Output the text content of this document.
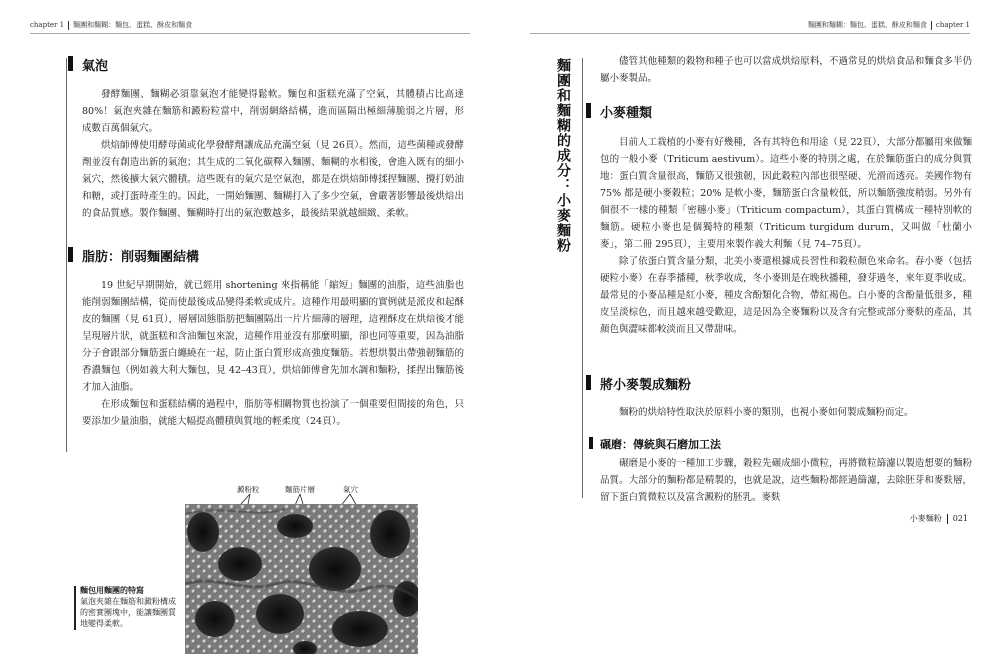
chapter 1 麵團和麵糊：麵包、蛋糕、酥皮和麵食
氣泡

發酵麵團、麵糊必須靠氣泡才能變得鬆軟。麵包和蛋糕充滿了空氣，其體積占比高達 80%！氣泡夾雜在麵筋和澱粉粒當中，削弱網絡結構，進而區隔出極細薄脆弱之片層，形成數百萬個氣穴。

烘焙師傅使用酵母菌或化學發酵劑讓成品充滿空氣（見 26頁）。然而，這些菌種或發酵劑並沒有創造出新的氣泡；其生成的二氧化碳釋入麵團、麵糊的水相後，會進入既有的細小氣穴，然後擴大氣穴體積。這些既有的氣穴是空氣泡，都是在烘焙師傅揉捏麵團、攪打奶油和糖，或打蛋時產生的。因此，一開始麵團、麵糊打入了多少空氣，會嚴著影響最後烘焙出的食品質感。製作麵團、麵糊時打出的氣泡數越多，最後結果就越細緻、柔軟。

脂肪：削弱麵團結構

19 世紀早期開始，就已經用 shortening 來指稱能「縮短」麵團的油脂，這些油脂也能削弱麵團結構，從而使最後成品變得柔軟或成片。這種作用最明顯的實例就是派皮和起酥皮的麵團（見 61頁），層層固態脂肪把麵團隔出一片片細薄的層理，這裡酥皮在烘焙後才能呈現層片狀，就蛋糕和含油麵包來說，這種作用並沒有那麼明顯，卻也同等重要，因為油脂分子會跟部分麵筋蛋白纏繞在一起，防止蛋白質形成高強度麵筋。若想烘製出帶強韌麵筋的香濃麵包（例如義大利大麵包，見 42–43頁），烘焙師傅會先加水調和麵粉，揉捏出麵筋後才加入油脂。

在形成麵包和蛋糕結構的過程中，脂肪等相關物質也扮演了一個重要但間接的角色，只要添加少量油脂，就能大幅提高體積與質地的輕柔度（24頁）。

澱粉粒	麵筋片層	氣穴
麵包用麵團的特寫
氣泡夾雜在麵筋和澱粉構成的密實團塊中，能讓麵團質地變得柔軟。
麵團和麵糊：麵包、蛋糕、酥皮和麵食 chapter 1
麵團和麵糊的成分：小麥麵粉	儘管其他種類的穀物和種子也可以當成烘焙原料，不過常見的烘焙食品和麵食多半仍屬小麥製品。

小麥種類

目前人工栽植的小麥有好幾種，各有其特色和用途（見 22頁），大部分都屬用來做麵包的一般小麥（Triticum aestivum）。這些小麥的特別之處，在於麵筋蛋白的成分與質地：蛋白質含量很高，麵筋又很強韌，因此穀粒內部也很堅硬、光滑而透亮。美國作物有 75% 都是硬小麥穀粒；20% 是軟小麥，麵筋蛋白含量較低，所以麵筋強度稍弱。另外有個很不一樣的種類「密穗小麥」（Triticum compactum），其蛋白質構成一種特別軟的麵筋。硬粒小麥也是個獨特的種類（Triticum turgidum durum，又叫做「杜蘭小麥」，第二冊 295頁），主要用來製作義大利麵（見 74–75頁）。

除了依蛋白質含量分類，北美小麥還根據成長習性和穀粒顏色來命名。春小麥（包括硬粒小麥）在春季播種，秋季收成，冬小麥則是在晚秋播種，發芽過冬，來年夏季收成。最常見的小麥品種是紅小麥，種皮含酚類化合物，帶紅褐色。白小麥的含酚量低很多，種皮呈淡棕色，而且越來越受歡迎，這是因為全麥麵粉以及含有完整或部分麥麩的產品，其顏色與澀味都較淡而且又帶甜味。

將小麥製成麵粉

麵粉的烘焙特性取決於原料小麥的類別，也視小麥如何製成麵粉而定。

碾磨：傳統與石磨加工法

碾磨是小麥的一種加工步驟，穀粒先碾成細小微粒，再將微粒篩濾以製造想要的麵粉品質。大部分的麵粉都是精製的，也就是說，這些麵粉都經過篩濾，去除胚芽和麥麩層，留下蛋白質微粒以及富含澱粉的胚乳。麥麩

小麥麵粉 021
